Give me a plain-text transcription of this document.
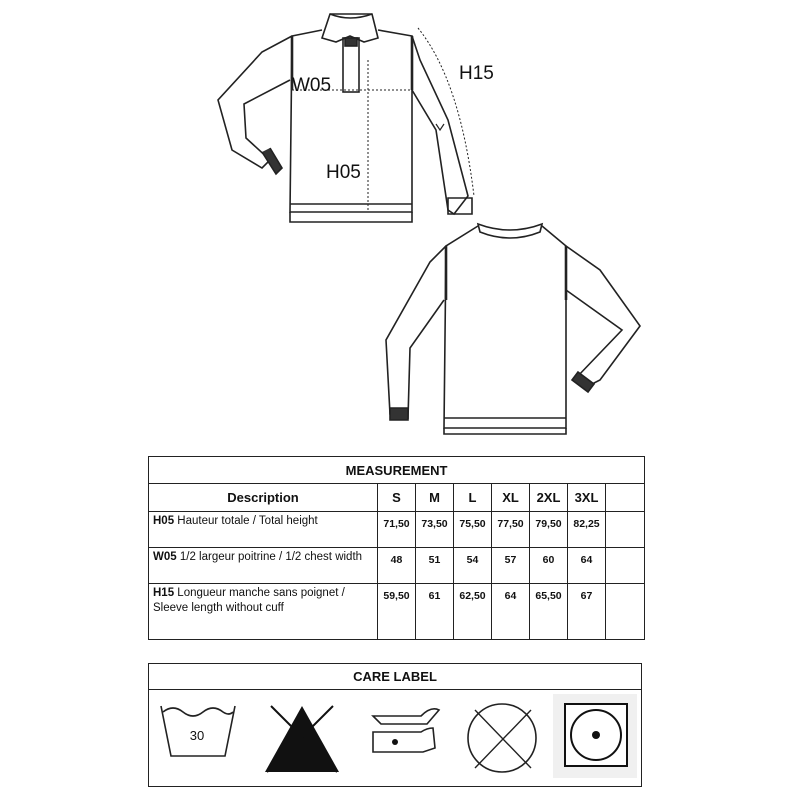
H15
W05
H05
MEASUREMENT							
Description	S	M	L	XL	2XL	3XL	
H05 Hauteur totale / Total height	71,50	73,50	75,50	77,50	79,50	82,25	
W05 1/2 largeur poitrine / 1/2 chest width	48	51	54	57	60	64	
H15 Longueur manche sans poignet / Sleeve length without cuff	59,50	61	62,50	64	65,50	67	
CARE LABEL
30
